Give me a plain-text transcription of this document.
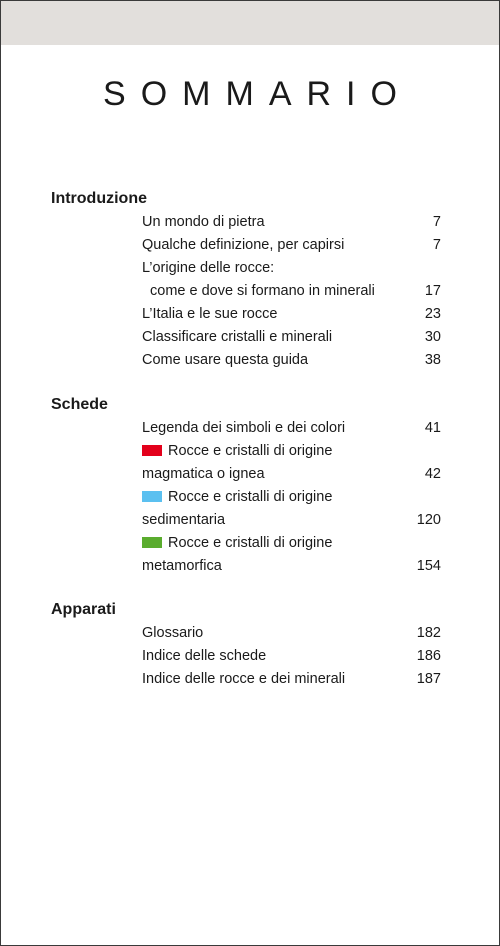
SOMMARIO
Introduzione
Un mondo di pietra	7
Qualche definizione, per capirsi	7
L’origine delle rocce:
come e dove si formano in minerali	17
L’Italia e le sue rocce	23
Classificare cristalli e minerali	30
Come usare questa guida	38
Schede
Legenda dei simboli e dei colori	41
Rocce e cristalli di origine
magmatica o ignea	42
Rocce e cristalli di origine
sedimentaria	120
Rocce e cristalli di origine
metamorfica	154
Apparati
Glossario	182
Indice delle schede	186
Indice delle rocce e dei minerali	187
